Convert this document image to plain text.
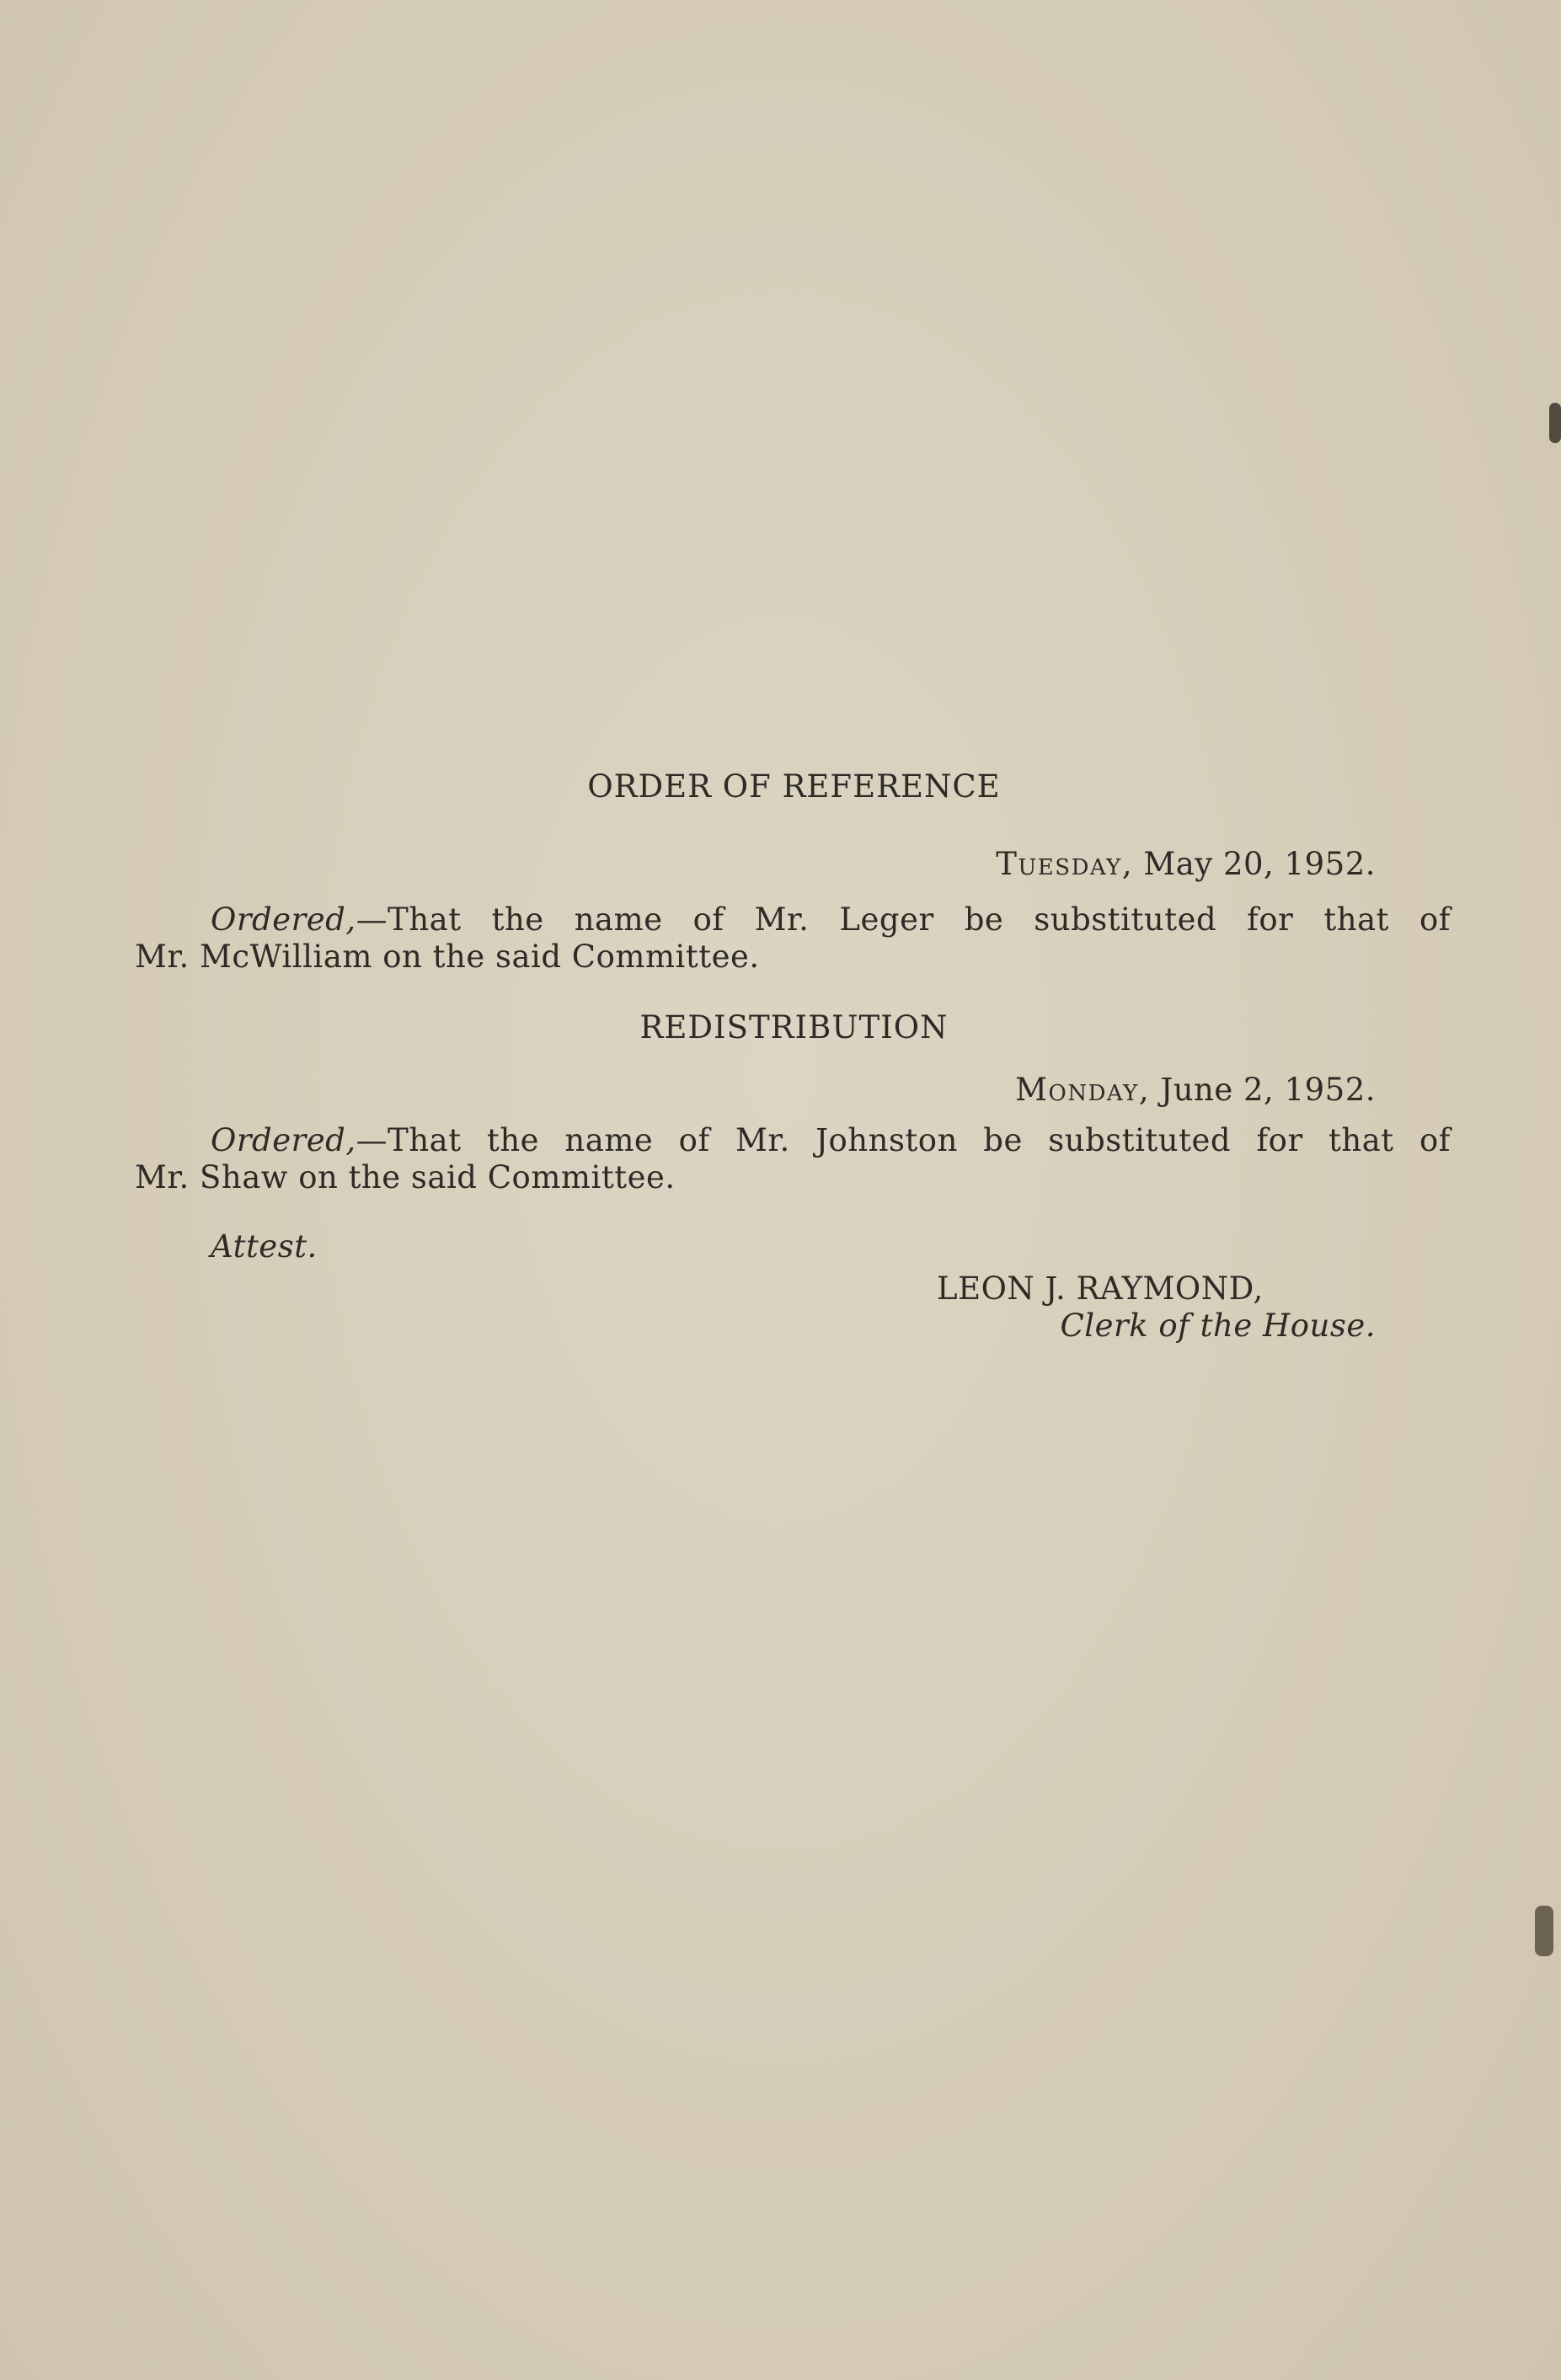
ORDER OF REFERENCE
Tuesday, May 20, 1952.
Ordered,—That the name of Mr. Leger be substituted for that of
Mr. McWilliam on the said Committee.
REDISTRIBUTION
Monday, June 2, 1952.
Ordered,—That the name of Mr. Johnston be substituted for that of
Mr. Shaw on the said Committee.
Attest.
LEON J. RAYMOND,
Clerk of the House.
